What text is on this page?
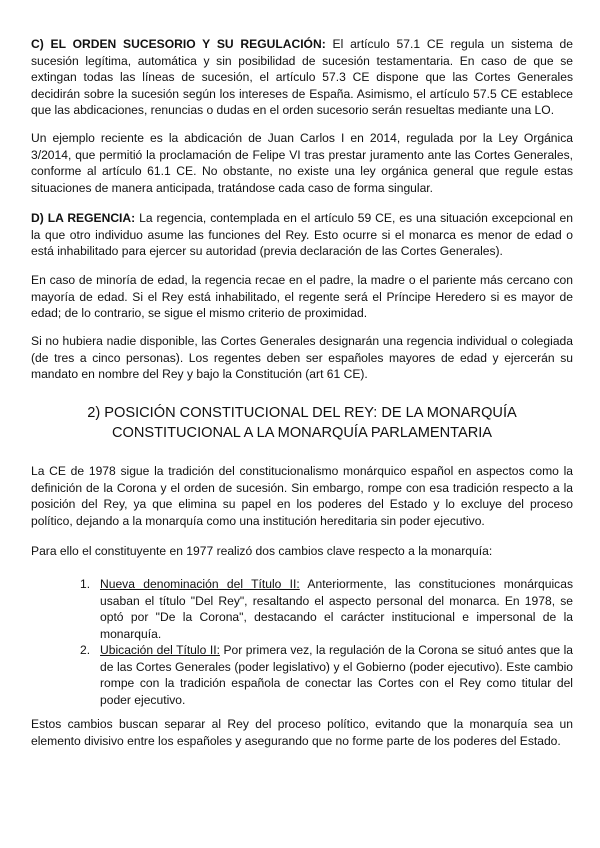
C) EL ORDEN SUCESORIO Y SU REGULACIÓN: El artículo 57.1 CE regula un sistema de sucesión legítima, automática y sin posibilidad de sucesión testamentaria. En caso de que se extingan todas las líneas de sucesión, el artículo 57.3 CE dispone que las Cortes Generales decidirán sobre la sucesión según los intereses de España. Asimismo, el artículo 57.5 CE establece que las abdicaciones, renuncias o dudas en el orden sucesorio serán resueltas mediante una LO.

Un ejemplo reciente es la abdicación de Juan Carlos I en 2014, regulada por la Ley Orgánica 3/2014, que permitió la proclamación de Felipe VI tras prestar juramento ante las Cortes Generales, conforme al artículo 61.1 CE. No obstante, no existe una ley orgánica general que regule estas situaciones de manera anticipada, tratándose cada caso de forma singular.

D) LA REGENCIA: La regencia, contemplada en el artículo 59 CE, es una situación excepcional en la que otro individuo asume las funciones del Rey. Esto ocurre si el monarca es menor de edad o está inhabilitado para ejercer su autoridad (previa declaración de las Cortes Generales).

En caso de minoría de edad, la regencia recae en el padre, la madre o el pariente más cercano con mayoría de edad. Si el Rey está inhabilitado, el regente será el Príncipe Heredero si es mayor de edad; de lo contrario, se sigue el mismo criterio de proximidad.

Si no hubiera nadie disponible, las Cortes Generales designarán una regencia individual o colegiada (de tres a cinco personas). Los regentes deben ser españoles mayores de edad y ejercerán su mandato en nombre del Rey y bajo la Constitución (art 61 CE).

2) POSICIÓN CONSTITUCIONAL DEL REY: DE LA MONARQUÍA
CONSTITUCIONAL A LA MONARQUÍA PARLAMENTARIA

La CE de 1978 sigue la tradición del constitucionalismo monárquico español en aspectos como la definición de la Corona y el orden de sucesión. Sin embargo, rompe con esa tradición respecto a la posición del Rey, ya que elimina su papel en los poderes del Estado y lo excluye del proceso político, dejando a la monarquía como una institución hereditaria sin poder ejecutivo.

Para ello el constituyente en 1977 realizó dos cambios clave respecto a la monarquía:

1. Nueva denominación del Título II: Anteriormente, las constituciones monárquicas usaban el título "Del Rey", resaltando el aspecto personal del monarca. En 1978, se optó por "De la Corona", destacando el carácter institucional e impersonal de la monarquía.
2. Ubicación del Título II: Por primera vez, la regulación de la Corona se situó antes que la de las Cortes Generales (poder legislativo) y el Gobierno (poder ejecutivo). Este cambio rompe con la tradición española de conectar las Cortes con el Rey como titular del poder ejecutivo.

Estos cambios buscan separar al Rey del proceso político, evitando que la monarquía sea un elemento divisivo entre los españoles y asegurando que no forme parte de los poderes del Estado.
